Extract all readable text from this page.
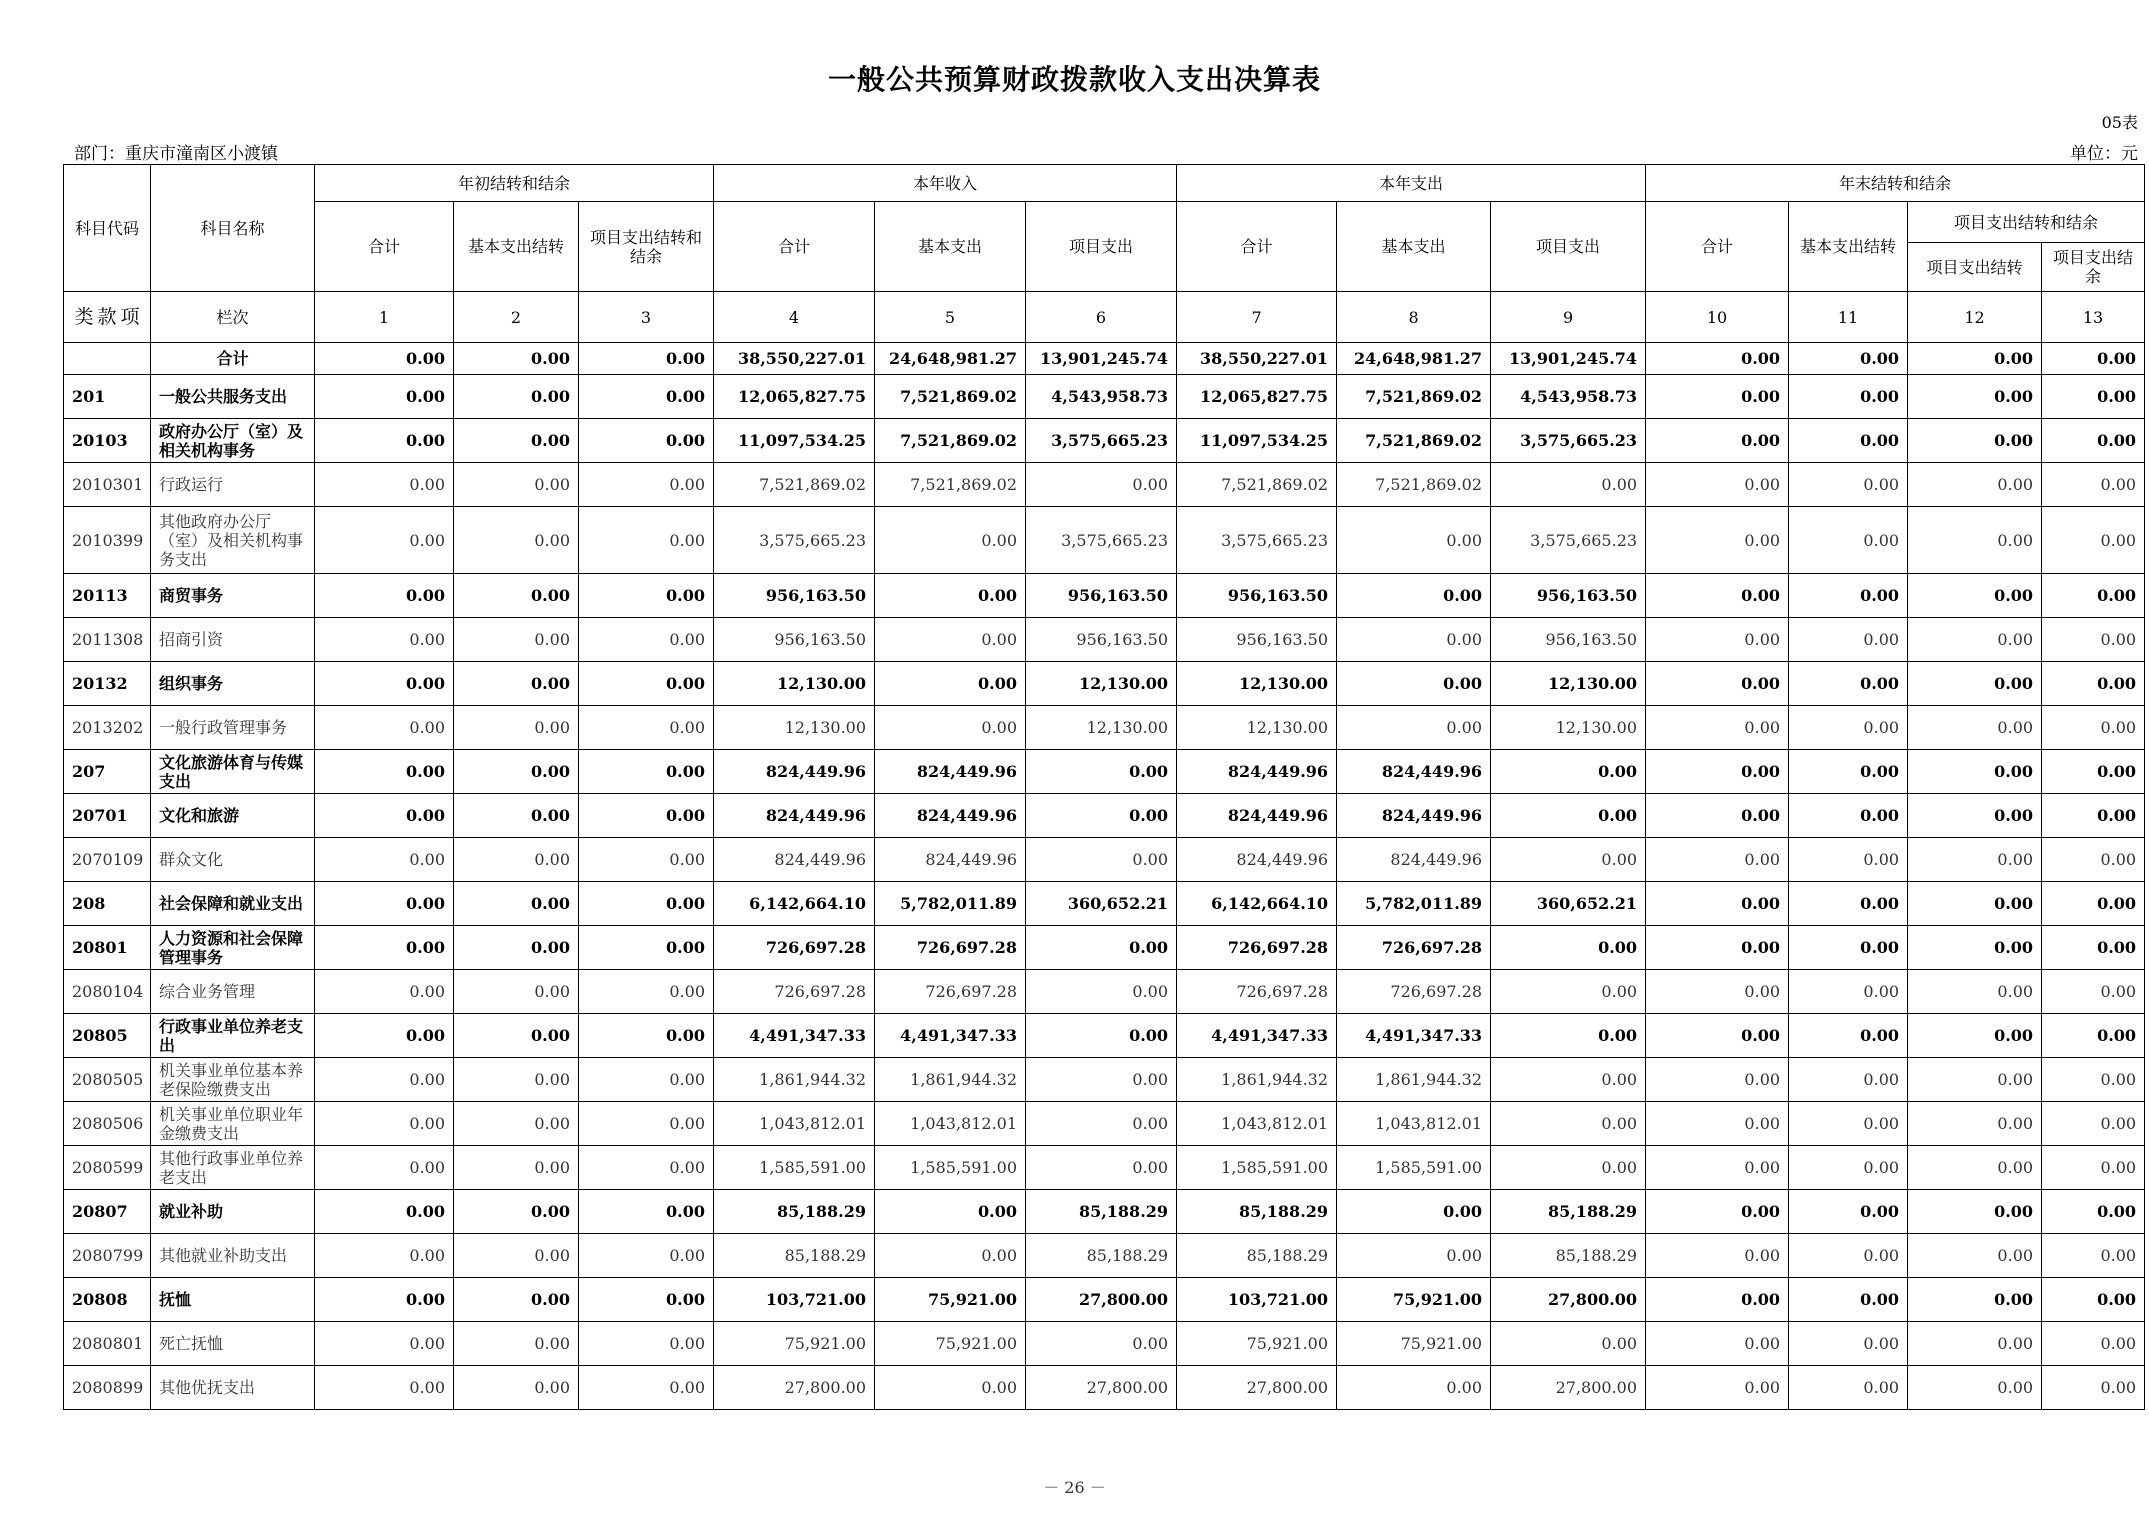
一般公共预算财政拨款收入支出决算表
05表
部门：重庆市潼南区小渡镇	单位：元
科目代码	科目名称	年初结转和结余			本年收入			本年支出			年末结转和结余			
		合计	基本支出结转	项目支出结转和结余	合计	基本支出	项目支出	合计	基本支出	项目支出	合计	基本支出结转	项目支出结转和结余	
													项目支出结转	项目支出结余
类 款 项	栏次	1	2	3	4	5	6	7	8	9	10	11	12	13
	合计	0.00	0.00	0.00	38,550,227.01	24,648,981.27	13,901,245.74	38,550,227.01	24,648,981.27	13,901,245.74	0.00	0.00	0.00	0.00
201	一般公共服务支出	0.00	0.00	0.00	12,065,827.75	7,521,869.02	4,543,958.73	12,065,827.75	7,521,869.02	4,543,958.73	0.00	0.00	0.00	0.00
20103	政府办公厅（室）及相关机构事务	0.00	0.00	0.00	11,097,534.25	7,521,869.02	3,575,665.23	11,097,534.25	7,521,869.02	3,575,665.23	0.00	0.00	0.00	0.00
2010301	行政运行	0.00	0.00	0.00	7,521,869.02	7,521,869.02	0.00	7,521,869.02	7,521,869.02	0.00	0.00	0.00	0.00	0.00
2010399	其他政府办公厅（室）及相关机构事务支出	0.00	0.00	0.00	3,575,665.23	0.00	3,575,665.23	3,575,665.23	0.00	3,575,665.23	0.00	0.00	0.00	0.00
20113	商贸事务	0.00	0.00	0.00	956,163.50	0.00	956,163.50	956,163.50	0.00	956,163.50	0.00	0.00	0.00	0.00
2011308	招商引资	0.00	0.00	0.00	956,163.50	0.00	956,163.50	956,163.50	0.00	956,163.50	0.00	0.00	0.00	0.00
20132	组织事务	0.00	0.00	0.00	12,130.00	0.00	12,130.00	12,130.00	0.00	12,130.00	0.00	0.00	0.00	0.00
2013202	一般行政管理事务	0.00	0.00	0.00	12,130.00	0.00	12,130.00	12,130.00	0.00	12,130.00	0.00	0.00	0.00	0.00
207	文化旅游体育与传媒支出	0.00	0.00	0.00	824,449.96	824,449.96	0.00	824,449.96	824,449.96	0.00	0.00	0.00	0.00	0.00
20701	文化和旅游	0.00	0.00	0.00	824,449.96	824,449.96	0.00	824,449.96	824,449.96	0.00	0.00	0.00	0.00	0.00
2070109	群众文化	0.00	0.00	0.00	824,449.96	824,449.96	0.00	824,449.96	824,449.96	0.00	0.00	0.00	0.00	0.00
208	社会保障和就业支出	0.00	0.00	0.00	6,142,664.10	5,782,011.89	360,652.21	6,142,664.10	5,782,011.89	360,652.21	0.00	0.00	0.00	0.00
20801	人力资源和社会保障管理事务	0.00	0.00	0.00	726,697.28	726,697.28	0.00	726,697.28	726,697.28	0.00	0.00	0.00	0.00	0.00
2080104	综合业务管理	0.00	0.00	0.00	726,697.28	726,697.28	0.00	726,697.28	726,697.28	0.00	0.00	0.00	0.00	0.00
20805	行政事业单位养老支出	0.00	0.00	0.00	4,491,347.33	4,491,347.33	0.00	4,491,347.33	4,491,347.33	0.00	0.00	0.00	0.00	0.00
2080505	机关事业单位基本养老保险缴费支出	0.00	0.00	0.00	1,861,944.32	1,861,944.32	0.00	1,861,944.32	1,861,944.32	0.00	0.00	0.00	0.00	0.00
2080506	机关事业单位职业年金缴费支出	0.00	0.00	0.00	1,043,812.01	1,043,812.01	0.00	1,043,812.01	1,043,812.01	0.00	0.00	0.00	0.00	0.00
2080599	其他行政事业单位养老支出	0.00	0.00	0.00	1,585,591.00	1,585,591.00	0.00	1,585,591.00	1,585,591.00	0.00	0.00	0.00	0.00	0.00
20807	就业补助	0.00	0.00	0.00	85,188.29	0.00	85,188.29	85,188.29	0.00	85,188.29	0.00	0.00	0.00	0.00
2080799	其他就业补助支出	0.00	0.00	0.00	85,188.29	0.00	85,188.29	85,188.29	0.00	85,188.29	0.00	0.00	0.00	0.00
20808	抚恤	0.00	0.00	0.00	103,721.00	75,921.00	27,800.00	103,721.00	75,921.00	27,800.00	0.00	0.00	0.00	0.00
2080801	死亡抚恤	0.00	0.00	0.00	75,921.00	75,921.00	0.00	75,921.00	75,921.00	0.00	0.00	0.00	0.00	0.00
2080899	其他优抚支出	0.00	0.00	0.00	27,800.00	0.00	27,800.00	27,800.00	0.00	27,800.00	0.00	0.00	0.00	0.00
－ 26 －
